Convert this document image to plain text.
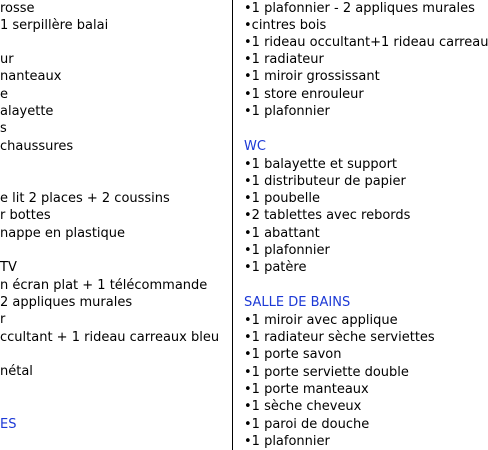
rosse
1 serpillère balai
ur
nanteaux
e
alayette
s
chaussures
e lit 2 places + 2 coussins
r bottes
nappe en plastique
TV
n écran plat + 1 télécommande
2 appliques murales
r
ccultant + 1 rideau carreaux bleu
nétal
ES
•1 plafonnier - 2 appliques murales
•cintres bois
•1 rideau occultant+1 rideau carreau
•1 radiateur
•1 miroir grossissant
•1 store enrouleur
•1 plafonnier
WC
•1 balayette et support
•1 distributeur de papier
•1 poubelle
•2 tablettes avec rebords
•1 abattant
•1 plafonnier
•1 patère
SALLE DE BAINS
•1 miroir avec applique
•1 radiateur sèche serviettes
•1 porte savon
•1 porte serviette double
•1 porte manteaux
•1 sèche cheveux
•1 paroi de douche
•1 plafonnier
